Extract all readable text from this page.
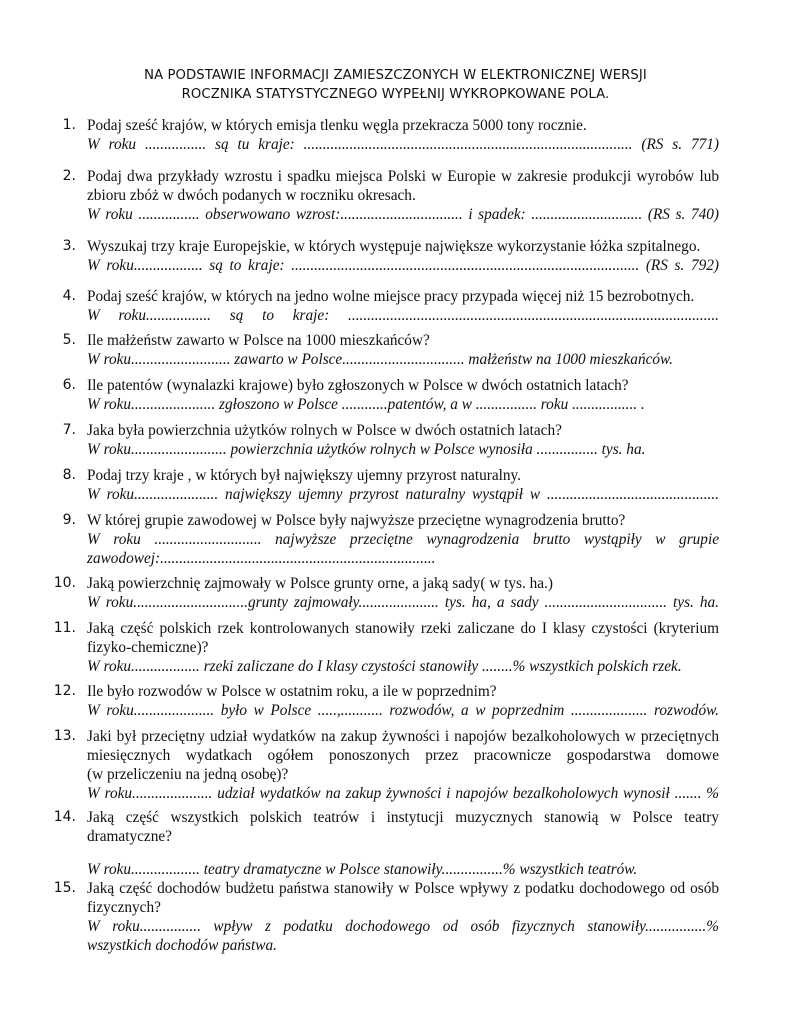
NA PODSTAWIE INFORMACJI ZAMIESZCZONYCH W ELEKTRONICZNEJ WERSJI
ROCZNIKA STATYSTYCZNEGO WYPEŁNIJ WYKROPKOWANE POLA.
1. Podaj sześć krajów, w których emisja tlenku węgla przekracza 5000 tony rocznie.
W roku ................ są tu kraje: ...................................................................................... (RS s. 771)
2. Podaj dwa przykłady wzrostu i spadku miejsca Polski w Europie w zakresie produkcji wyrobów lub
zbioru zbóż w dwóch podanych w roczniku okresach.
W roku ................ obserwowano wzrost:................................ i spadek: ............................. (RS s. 740)
3. Wyszukaj trzy kraje Europejskie, w których występuje największe wykorzystanie łóżka szpitalnego.
W roku.................. są to kraje: ........................................................................................... (RS s. 792)
4. Podaj sześć krajów, w których na jedno wolne miejsce pracy przypada więcej niż 15 bezrobotnych.
W roku................. są to kraje: .................................................................................................
5. Ile małżeństw zawarto w Polsce na 1000 mieszkańców?
W roku.......................... zawarto w Polsce................................ małżeństw na 1000 mieszkańców.
6. Ile patentów (wynalazki krajowe) było zgłoszonych w Polsce w dwóch ostatnich latach?
W roku...................... zgłoszono w Polsce ............patentów, a w ................ roku ................. .
7. Jaka była powierzchnia użytków rolnych w Polsce w dwóch ostatnich latach?
W roku......................... powierzchnia użytków rolnych w Polsce wynosiła ................ tys. ha.
8. Podaj trzy kraje , w których był największy ujemny przyrost naturalny.
W roku...................... największy ujemny przyrost naturalny wystąpił w .............................................
9. W której grupie zawodowej w Polsce były najwyższe przeciętne wynagrodzenia brutto?
W roku ............................ najwyższe przeciętne wynagrodzenia brutto wystąpiły w grupie
zawodowej:........................................................................
10. Jaką powierzchnię zajmowały w Polsce grunty orne, a jaką sady( w tys. ha.)
W roku..............................grunty zajmowały..................... tys. ha, a sady ................................ tys. ha.
11. Jaką część polskich rzek kontrolowanych stanowiły rzeki zaliczane do I klasy czystości (kryterium
fizyko-chemiczne)?
W roku.................. rzeki zaliczane do I klasy czystości stanowiły ........% wszystkich polskich rzek.
12. Ile było rozwodów w Polsce w ostatnim roku, a ile w poprzednim?
W roku..................... było w Polsce .....,........... rozwodów, a w poprzednim .................... rozwodów.
13. Jaki był przeciętny udział wydatków na zakup żywności i napojów bezalkoholowych w przeciętnych
miesięcznych wydatkach ogółem ponoszonych przez pracownicze gospodarstwa domowe
(w przeliczeniu na jedną osobę)?
W roku..................... udział wydatków na zakup żywności i napojów bezalkoholowych wynosił ....... %
14. Jaką część wszystkich polskich teatrów i instytucji muzycznych stanowią w Polsce teatry
dramatyczne?
W roku.................. teatry dramatyczne w Polsce stanowiły................% wszystkich teatrów.
15. Jaką część dochodów budżetu państwa stanowiły w Polsce wpływy z podatku dochodowego od osób
fizycznych?
W roku................ wpływ z podatku dochodowego od osób fizycznych stanowiły................%
wszystkich dochodów państwa.
